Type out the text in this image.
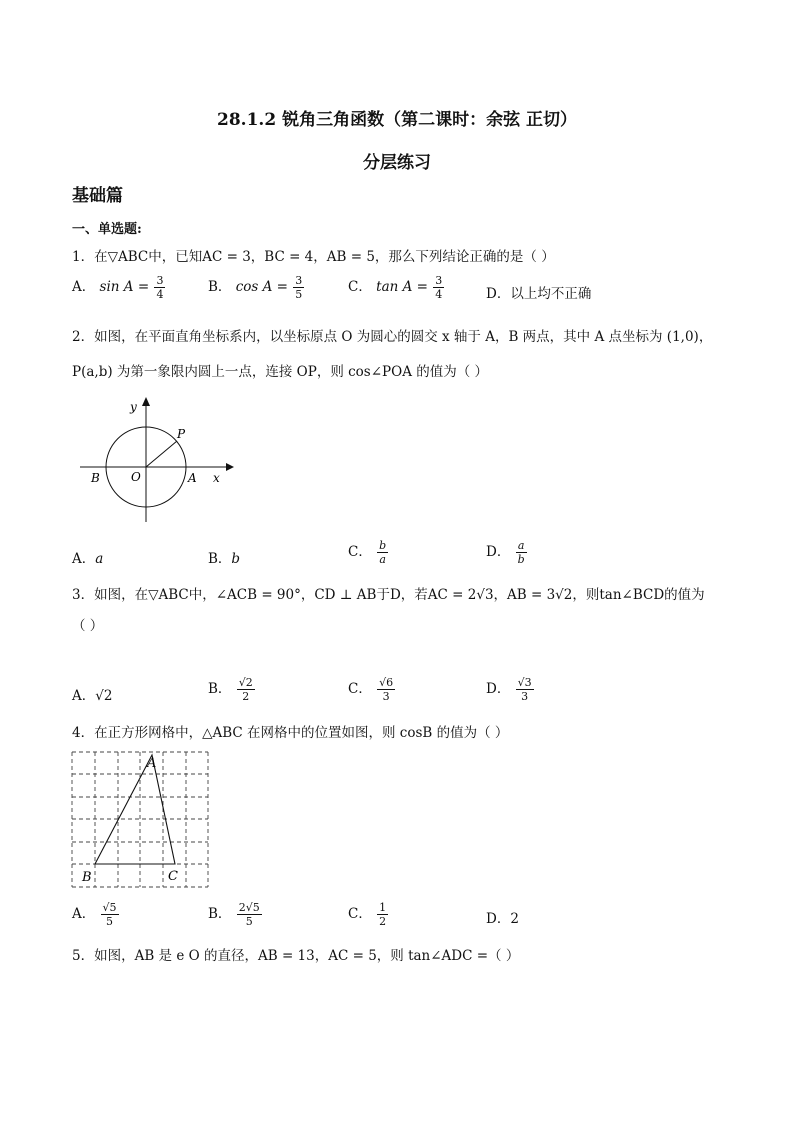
28.1.2 锐角三角函数（第二课时：余弦 正切）
分层练习
基础篇
一、单选题:
1．在▽ABC中，已知AC = 3，BC = 4，AB = 5，那么下列结论正确的是（ ）
A． $\sin A = \frac{3}{4}$	B． $\cos A = \frac{3}{5}$	C． $\tan A = \frac{3}{4}$	D．以上均不正确
2．如图，在平面直角坐标系内，以坐标原点 O 为圆心的圆交 x 轴于 A，B 两点，其中 A 点坐标为 (1,0)，
P(a,b) 为第一象限内圆上一点，连接 OP，则 cos∠POA 的值为（ ）
y
x
P
B	O	A
A．a	B．b	C． $\frac{b}{a}$	D． $\frac{a}{b}$
3．如图，在▽ABC中，∠ACB = 90°，CD ⊥ AB于D，若AC = 2√3，AB = 3√2，则tan∠BCD的值为
（ ）
A．√2	B． $\frac{√2}{2}$	C． $\frac{√6}{3}$	D． $\frac{√3}{3}$
4．在正方形网格中，△ABC 在网格中的位置如图，则 cosB 的值为（ ）
A
B	C
A． $\frac{√5}{5}$	B． $\frac{2√5}{5}$	C． $\frac{1}{2}$	D．2
5．如图，AB 是 e O 的直径，AB = 13，AC = 5，则 tan∠ADC =（ ）
